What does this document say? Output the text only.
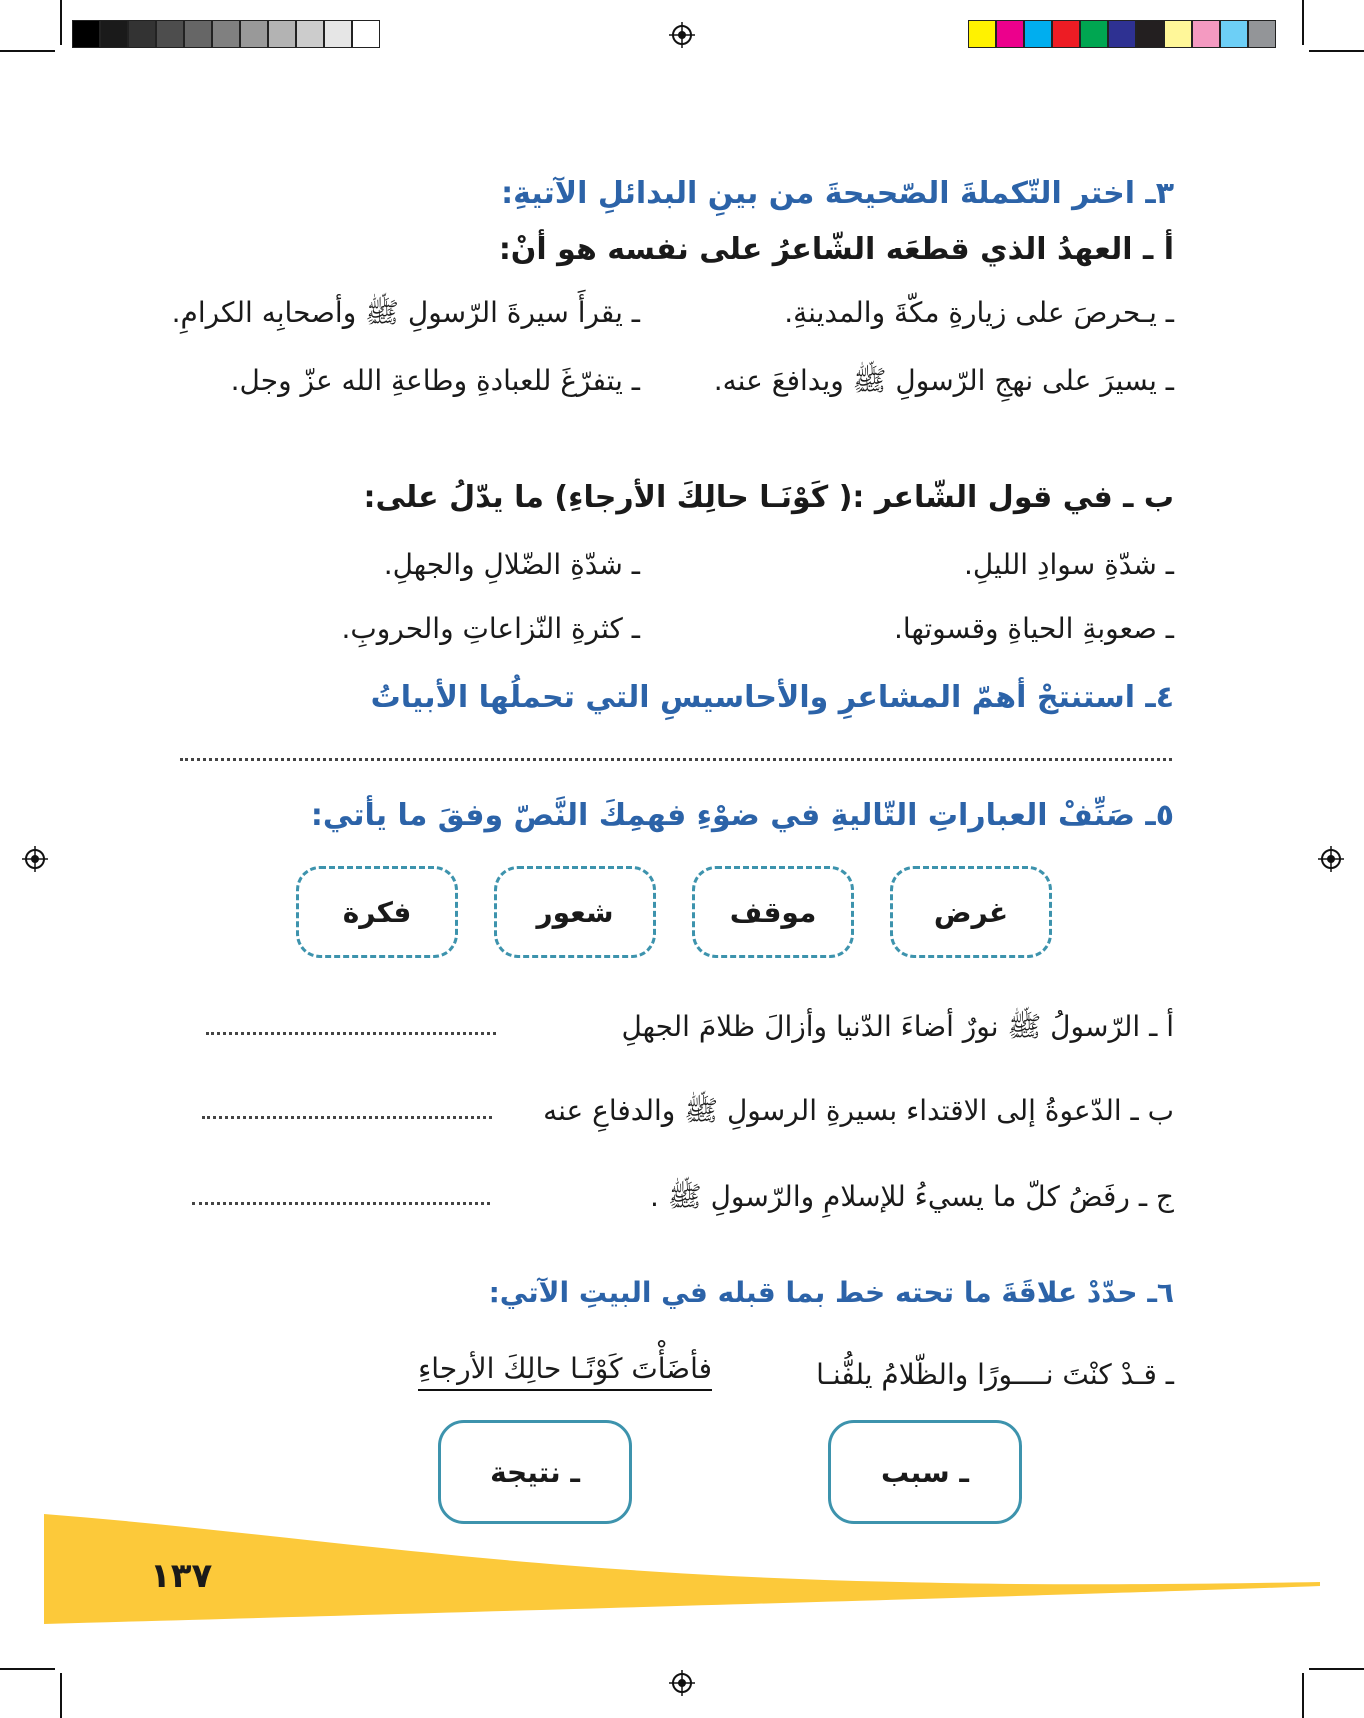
٣ـ اختر التّكملةَ الصّحيحةَ من بينِ البدائلِ الآتيةِ:
أ ـ العهدُ الذي قطعَه الشّاعرُ على نفسه هو أنْ:
ـ يـحرصَ على زيارةِ مكّةَ والمدينةِ.
ـ يقرأَ سيرةَ الرّسولِ ﷺ وأصحابِه الكرامِ.
ـ يسيرَ على نهجِ الرّسولِ ﷺ ويدافعَ عنه.
ـ يتفرّغَ للعبادةِ وطاعةِ الله عزّ وجل.
ب ـ في قول الشّاعر :( كَوْنَـا حالِكَ الأرجاءِ) ما يدّلُ على:
ـ شدّةِ سوادِ الليلِ.
ـ شدّةِ الضّلالِ والجهلِ.
ـ صعوبةِ الحياةِ وقسوتها.
ـ كثرةِ النّزاعاتِ والحروبِ.
٤ـ استنتجْ أهمّ المشاعرِ والأحاسيسِ التي تحملُها الأبياتُ
٥ـ صَنِّفْ العباراتِ التّاليةِ في ضوْءِ فهمِكَ النَّصّ وفقَ ما يأتي:
غرض
موقف
شعور
فكرة
أ ـ الرّسولُ ﷺ نورٌ أضاءَ الدّنيا وأزالَ ظلامَ الجهلِ
ب ـ الدّعوةُ إلى الاقتداء بسيرةِ الرسولِ ﷺ والدفاعِ عنه
ج ـ رفَضُ كلّ ما يسيءُ للإسلامِ والرّسولِ ﷺ .
٦ـ حدّدْ علاقَةَ ما تحته خط بما قبله في البيتِ الآتي:
ـ قـدْ كنْتَ نــــورًا والظّلامُ يلفُّنـا
فأضَأْتَ كَوْنًـا حالِكَ الأرجاءِ
ـ سبب
ـ نتيجة
١٣٧
